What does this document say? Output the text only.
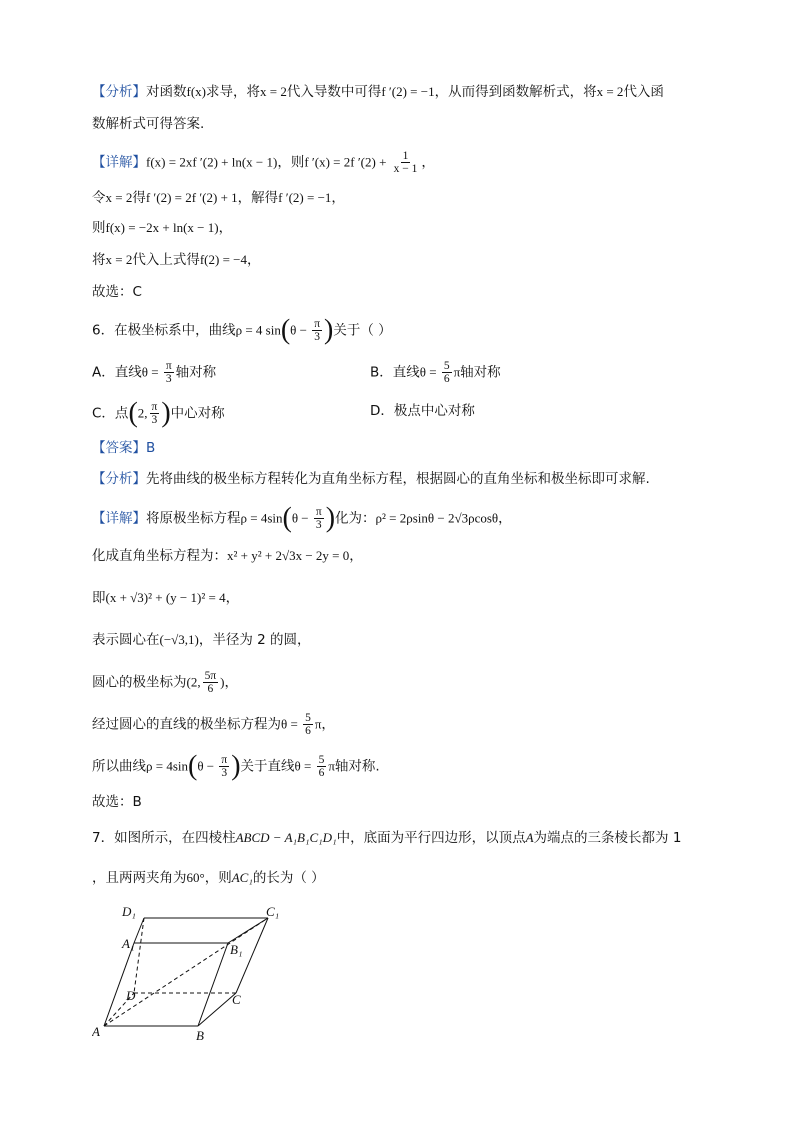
【分析】对函数f(x)求导，将x = 2代入导数中可得f ′(2) = −1，从而得到函数解析式，将x = 2代入函
数解析式可得答案.
【详解】f(x) = 2xf ′(2) + ln(x − 1)，则f ′(x) = 2f $'(2) + \frac{1}{x - 1}$ ，
令x = 2得f ′(2) = 2f ′(2) + 1，解得f ′(2) = −1，
则f(x) = −2x + ln(x − 1)，
将x = 2代入上式得f(2) = −4，
故选：C
6．在极坐标系中，曲线ρ = 4 $\sin(\theta - \frac{\pi}{3}$ )关于（ ）
A．直线$\theta = \frac{\pi}{3}$ 轴对称	B．直线$\theta = \frac{5}{6}$ π轴对称
C．点(2, $\frac{\pi}{3}$ )中心对称	D．极点中心对称
【答案】B
【分析】先将曲线的极坐标方程转化为直角坐标方程，根据圆心的直角坐标和极坐标即可求解.
【详解】将原极坐标方程$\rho = 4\sin(\theta - \frac{\pi}{3}$ )化为：ρ² = 2ρsinθ − 2√3ρcosθ，
化成直角坐标方程为：x² + y² + 2√3x − 2y = 0，
即(x + √3)² + (y − 1)² = 4，
表示圆心在(−√3,1)，半径为 2 的圆，
圆心的极坐标为(2, $\frac{5\pi}{6}$ )，
经过圆心的直线的极坐标方程为$\theta = \frac{5}{6}$ π，
所以曲线$\rho = 4\sin(\theta - \frac{\pi}{3}$ )关于直线$\theta = \frac{5}{6}$ π轴对称.
故选：B
7．如图所示，在四棱柱ABCD − A₁B₁C₁D₁中，底面为平行四边形，以顶点A为端点的三条棱长都为 1
，且两两夹角为60°，则AC₁的长为（ ）
D₁	C₁
A₁	B₁
D	C
A	B
